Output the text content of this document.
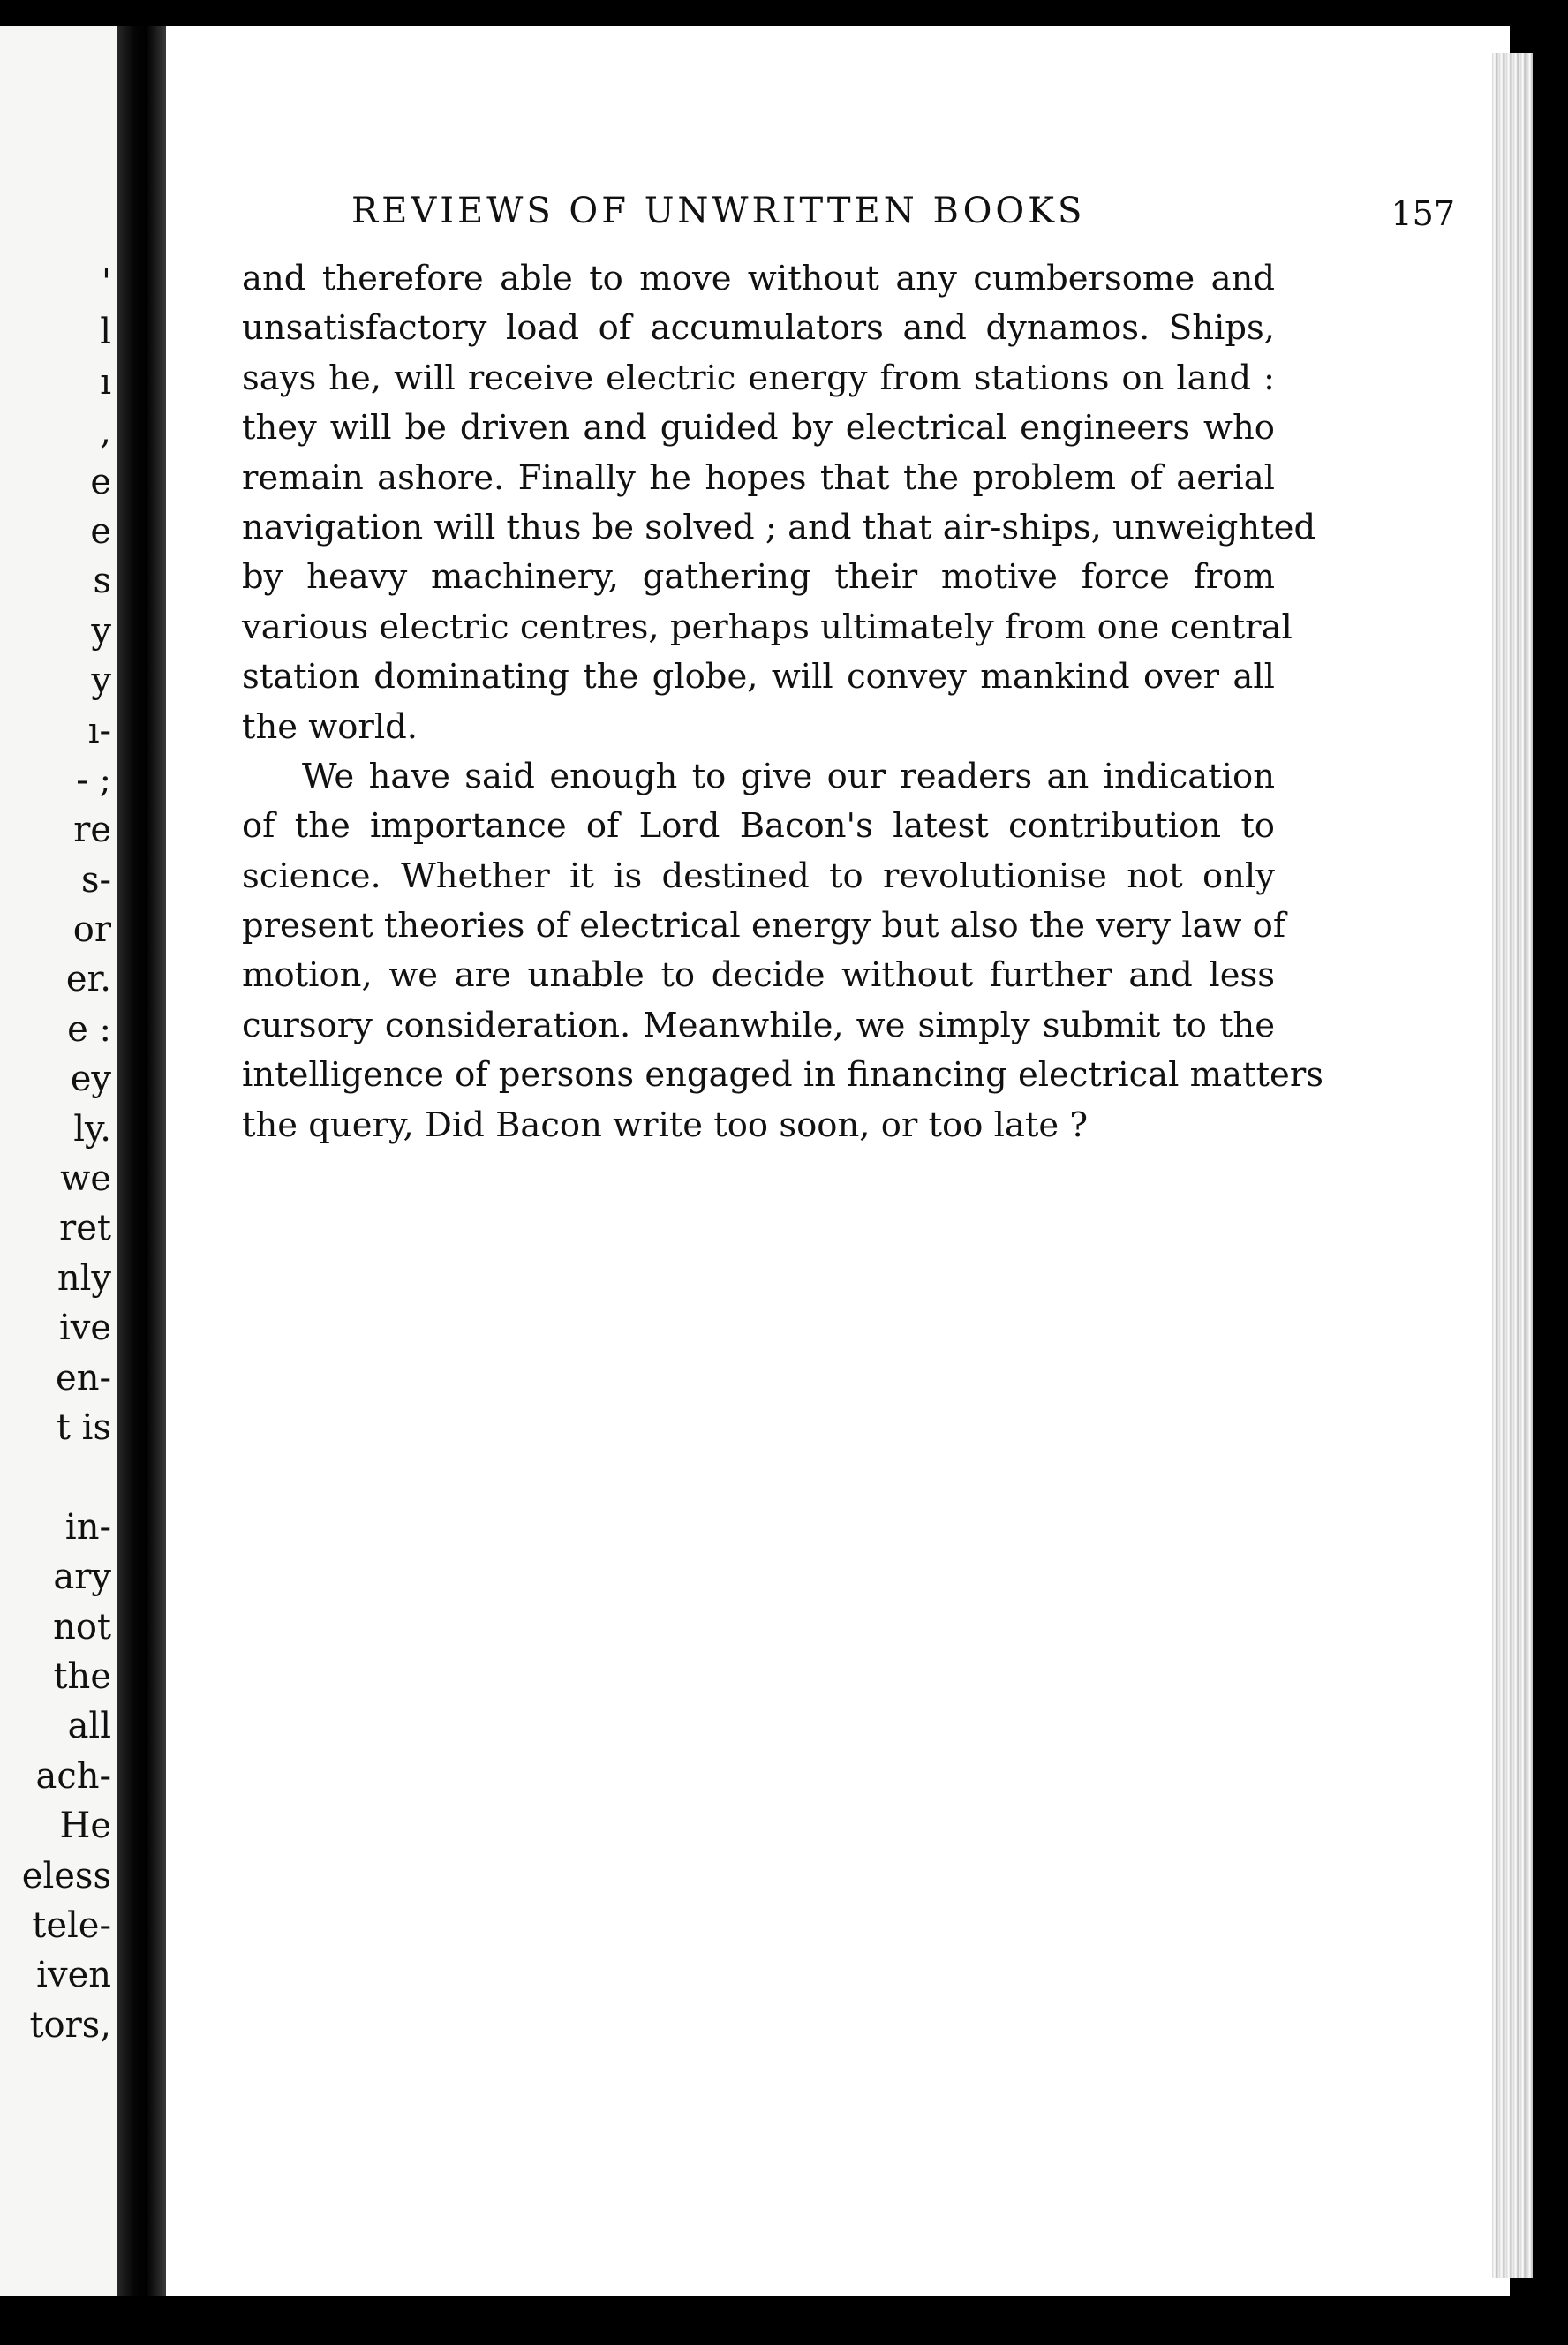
'
l
ı
,
e
e
s
y
y
ı-
- ;
re
s-
or
er.
e :
ey
ly.
we
ret
nly
ive
en-
t is
in-
ary
not
the
all
ach-
He
eless
tele-
iven
tors,
REVIEWS OF UNWRITTEN BOOKS	157
and therefore able to move without any cumbersome and
unsatisfactory load of accumulators and dynamos. Ships,
says he, will receive electric energy from stations on land :
they will be driven and guided by electrical engineers who
remain ashore. Finally he hopes that the problem of aerial
navigation will thus be solved ; and that air-ships, unweighted
by heavy machinery, gathering their motive force from
various electric centres, perhaps ultimately from one central
station dominating the globe, will convey mankind over all
the world.
We have said enough to give our readers an indication
of the importance of Lord Bacon's latest contribution to
science. Whether it is destined to revolutionise not only
present theories of electrical energy but also the very law of
motion, we are unable to decide without further and less
cursory consideration. Meanwhile, we simply submit to the
intelligence of persons engaged in financing electrical matters
the query, Did Bacon write too soon, or too late ?
